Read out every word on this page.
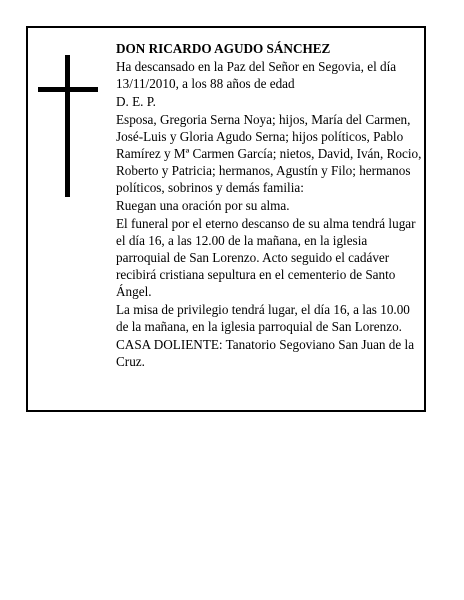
DON RICARDO AGUDO SÁNCHEZ

Ha descansado en la Paz del Señor en Segovia, el día 13/11/2010, a los 88 años de edad

D. E. P.

Esposa, Gregoria Serna Noya; hijos, María del Carmen, José-Luis y Gloria Agudo Serna; hijos políticos, Pablo Ramírez y Mª Carmen García; nietos, David, Iván, Rocio, Roberto y Patricia; hermanos, Agustín y Filo; hermanos políticos, sobrinos y demás familia:

Ruegan una oración por su alma.

El funeral por el eterno descanso de su alma tendrá lugar el día 16, a las 12.00 de la mañana, en la iglesia parroquial de San Lorenzo. Acto seguido el cadáver recibirá cristiana sepultura en el cementerio de Santo Ángel.

La misa de privilegio tendrá lugar, el día 16, a las 10.00 de la mañana, en la iglesia parroquial de San Lorenzo.

CASA DOLIENTE: Tanatorio Segoviano San Juan de la Cruz.
